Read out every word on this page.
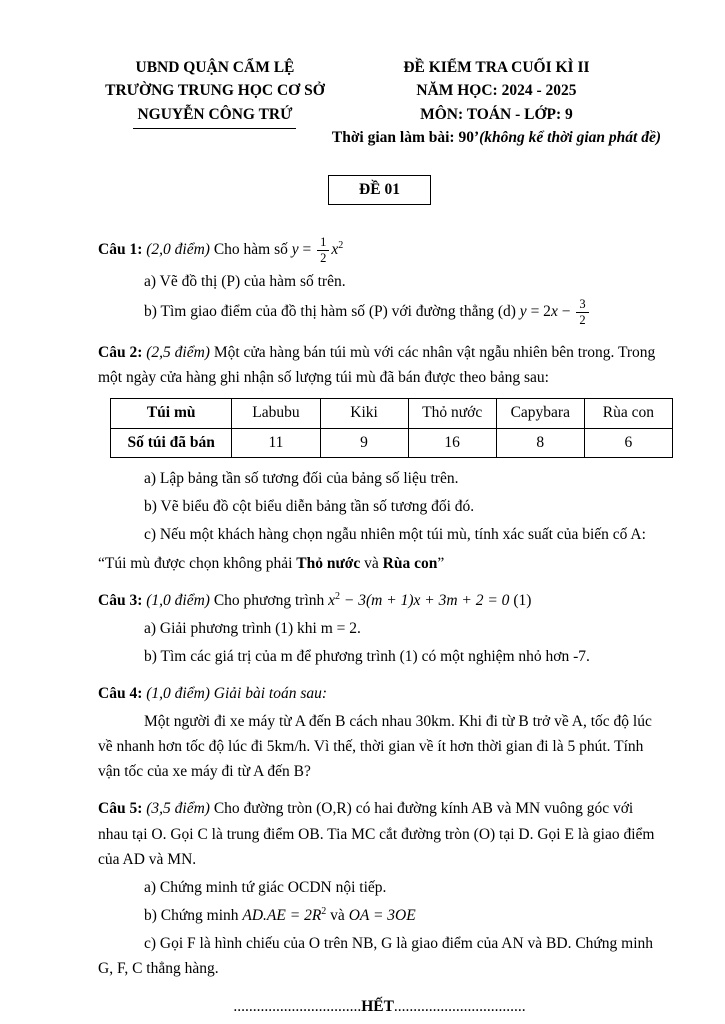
UBND QUẬN CẨM LỆ
TRƯỜNG TRUNG HỌC CƠ SỞ
NGUYỄN CÔNG TRỨ
ĐỀ KIỂM TRA CUỐI KÌ II
NĂM HỌC: 2024 - 2025
MÔN: TOÁN - LỚP: 9
Thời gian làm bài: 90’(không kể thời gian phát đề)
ĐỀ 01
Câu 1: (2,0 điểm) Cho hàm số $y = \frac{1}{2} x^2$
a) Vẽ đồ thị (P) của hàm số trên.
b) Tìm giao điểm của đồ thị hàm số (P) với đường thẳng (d) $y = 2x - \frac{3}{2}$
Câu 2: (2,5 điểm) Một cửa hàng bán túi mù với các nhân vật ngẫu nhiên bên trong. Trong một ngày cửa hàng ghi nhận số lượng túi mù đã bán được theo bảng sau:
Túi mù	Labubu	Kiki	Thỏ nước	Capybara	Rùa con
Số túi đã bán	11	9	16	8	6
a) Lập bảng tần số tương đối của bảng số liệu trên.
b) Vẽ biểu đồ cột biểu diễn bảng tần số tương đối đó.
c) Nếu một khách hàng chọn ngẫu nhiên một túi mù, tính xác suất của biến cố A:
“Túi mù được chọn không phải Thỏ nước và Rùa con”
Câu 3: (1,0 điểm) Cho phương trình $x^2 - 3(m + 1)x + 3m + 2 = 0$ (1)
a) Giải phương trình (1) khi m = 2.
b) Tìm các giá trị của m để phương trình (1) có một nghiệm nhỏ hơn -7.
Câu 4: (1,0 điểm) Giải bài toán sau:
Một người đi xe máy từ A đến B cách nhau 30km. Khi đi từ B trở về A, tốc độ lúc về nhanh hơn tốc độ lúc đi 5km/h. Vì thế, thời gian về ít hơn thời gian đi là 5 phút. Tính vận tốc của xe máy đi từ A đến B?
Câu 5: (3,5 điểm) Cho đường tròn (O,R) có hai đường kính AB và MN vuông góc với nhau tại O. Gọi C là trung điểm OB. Tia MC cắt đường tròn (O) tại D. Gọi E là giao điểm của AD và MN.
a) Chứng minh tứ giác OCDN nội tiếp.
b) Chứng minh $AD.AE = 2R^2$ và OA = 3OE
c) Gọi F là hình chiếu của O trên NB, G là giao điểm của AN và BD. Chứng minh G, F, C thẳng hàng.
.................................HẾT..................................
